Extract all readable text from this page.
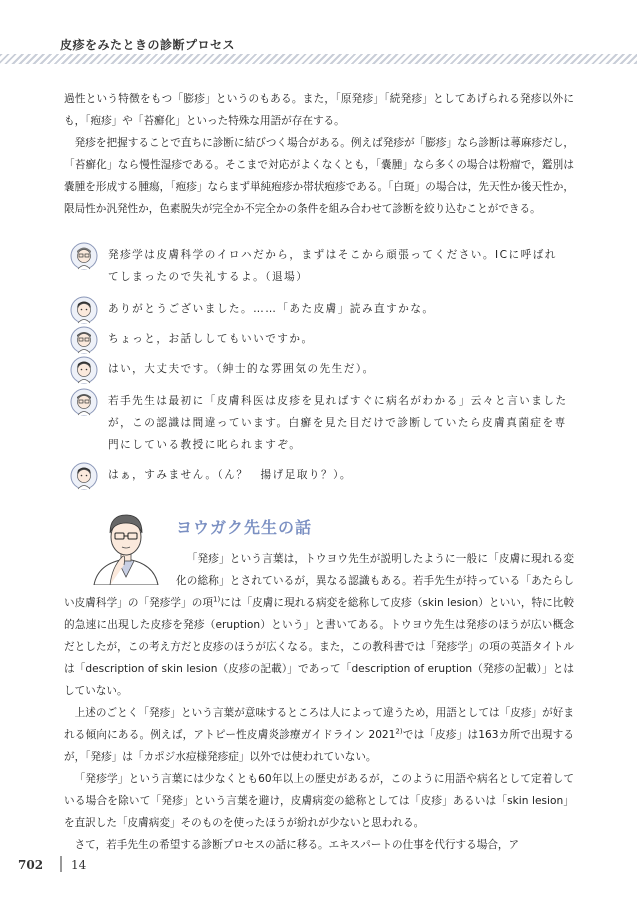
皮疹をみたときの診断プロセス

過性という特徴をもつ「膨疹」というのもある。また，「原発疹」「続発疹」としてあげられる発疹以外にも，「疱疹」や「苔癬化」といった特殊な用語が存在する。

発疹を把握することで直ちに診断に結びつく場合がある。例えば発疹が「膨疹」なら診断は蕁麻疹だし，「苔癬化」なら慢性湿疹である。そこまで対応がよくなくとも，「嚢腫」なら多くの場合は粉瘤で，鑑別は嚢腫を形成する腫瘍，「疱疹」ならまず単純疱疹か帯状疱疹である。「白斑」の場合は，先天性か後天性か，限局性か汎発性か，色素脱失が完全か不完全かの条件を組み合わせて診断を絞り込むことができる。

発疹学は皮膚科学のイロハだから，まずはそこから頑張ってください。ICに呼ばれてしまったので失礼するよ。（退場）
ありがとうございました。……「あた皮膚」読み直すかな。
ちょっと，お話ししてもいいですか。
はい，大丈夫です。（紳士的な雰囲気の先生だ）。
若手先生は最初に「皮膚科医は皮疹を見ればすぐに病名がわかる」云々と言いましたが，この認識は間違っています。白癬を見た目だけで診断していたら皮膚真菌症を専門にしている教授に叱られますぞ。
はぁ，すみません。（ん？　揚げ足取り？）。
ヨウガク先生の話

「発疹」という言葉は，トウヨウ先生が説明したように一般に「皮膚に現れる変化の総称」とされているが，異なる認識もある。若手先生が持っている「あたらしい皮膚科学」の「発疹学」の項$^{1)}$には「皮膚に現れる病変を総称して皮疹（skin lesion）といい，特に比較的急速に出現した皮疹を発疹（eruption）という」と書いてある。トウヨウ先生は発疹のほうが広い概念だとしたが，この考え方だと皮疹のほうが広くなる。また，この教科書では「発疹学」の項の英語タイトルは「description of skin lesion（皮疹の記載）」であって「description of eruption（発疹の記載）」とはしていない。

上述のごとく「発疹」という言葉が意味するところは人によって違うため，用語としては「皮疹」が好まれる傾向にある。例えば，アトピー性皮膚炎診療ガイドライン 2021$^{2)}$では「皮疹」は163カ所で出現するが，「発疹」は「カポジ水痘様発疹症」以外では使われていない。

「発疹学」という言葉には少なくとも60年以上の歴史があるが，このように用語や病名として定着している場合を除いて「発疹」という言葉を避け，皮膚病変の総称としては「皮疹」あるいは「skin lesion」を直訳した「皮膚病変」そのものを使ったほうが紛れが少ないと思われる。

さて，若手先生の希望する診断プロセスの話に移る。エキスパートの仕事を代行する場合，ア

702 14
